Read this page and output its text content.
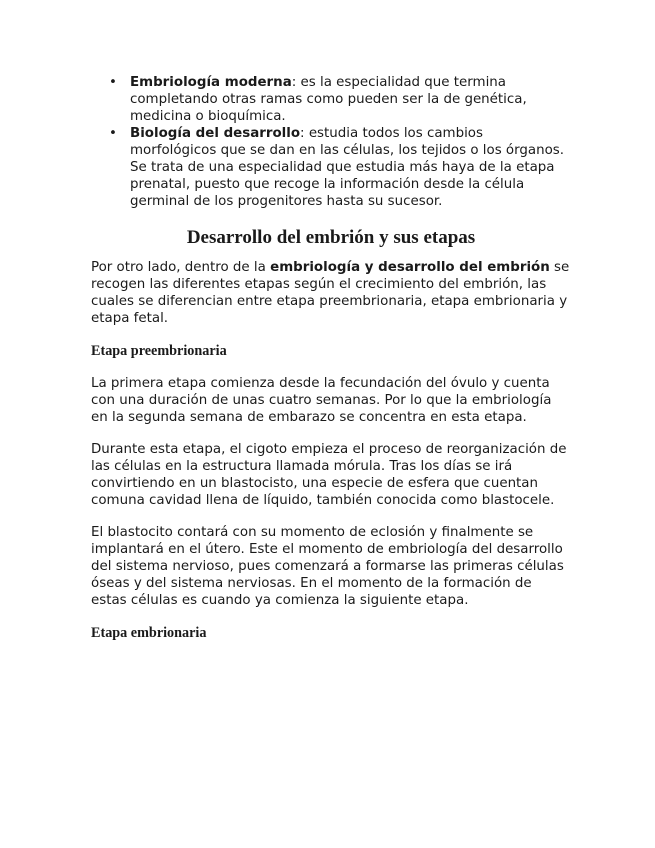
• Embriología moderna: es la especialidad que termina completando otras ramas como pueden ser la de genética, medicina o bioquímica.
• Biología del desarrollo: estudia todos los cambios morfológicos que se dan en las células, los tejidos o los órganos. Se trata de una especialidad que estudia más haya de la etapa prenatal, puesto que recoge la información desde la célula germinal de los progenitores hasta su sucesor.
Desarrollo del embrión y sus etapas

Por otro lado, dentro de la embriología y desarrollo del embrión se recogen las diferentes etapas según el crecimiento del embrión, las cuales se diferencian entre etapa preembrionaria, etapa embrionaria y etapa fetal.

Etapa preembrionaria

La primera etapa comienza desde la fecundación del óvulo y cuenta con una duración de unas cuatro semanas. Por lo que la embriología en la segunda semana de embarazo se concentra en esta etapa.

Durante esta etapa, el cigoto empieza el proceso de reorganización de las células en la estructura llamada mórula. Tras los días se irá convirtiendo en un blastocisto, una especie de esfera que cuentan comuna cavidad llena de líquido, también conocida como blastocele.

El blastocito contará con su momento de eclosión y finalmente se implantará en el útero. Este el momento de embriología del desarrollo del sistema nervioso, pues comenzará a formarse las primeras células óseas y del sistema nerviosas. En el momento de la formación de estas células es cuando ya comienza la siguiente etapa.

Etapa embrionaria
